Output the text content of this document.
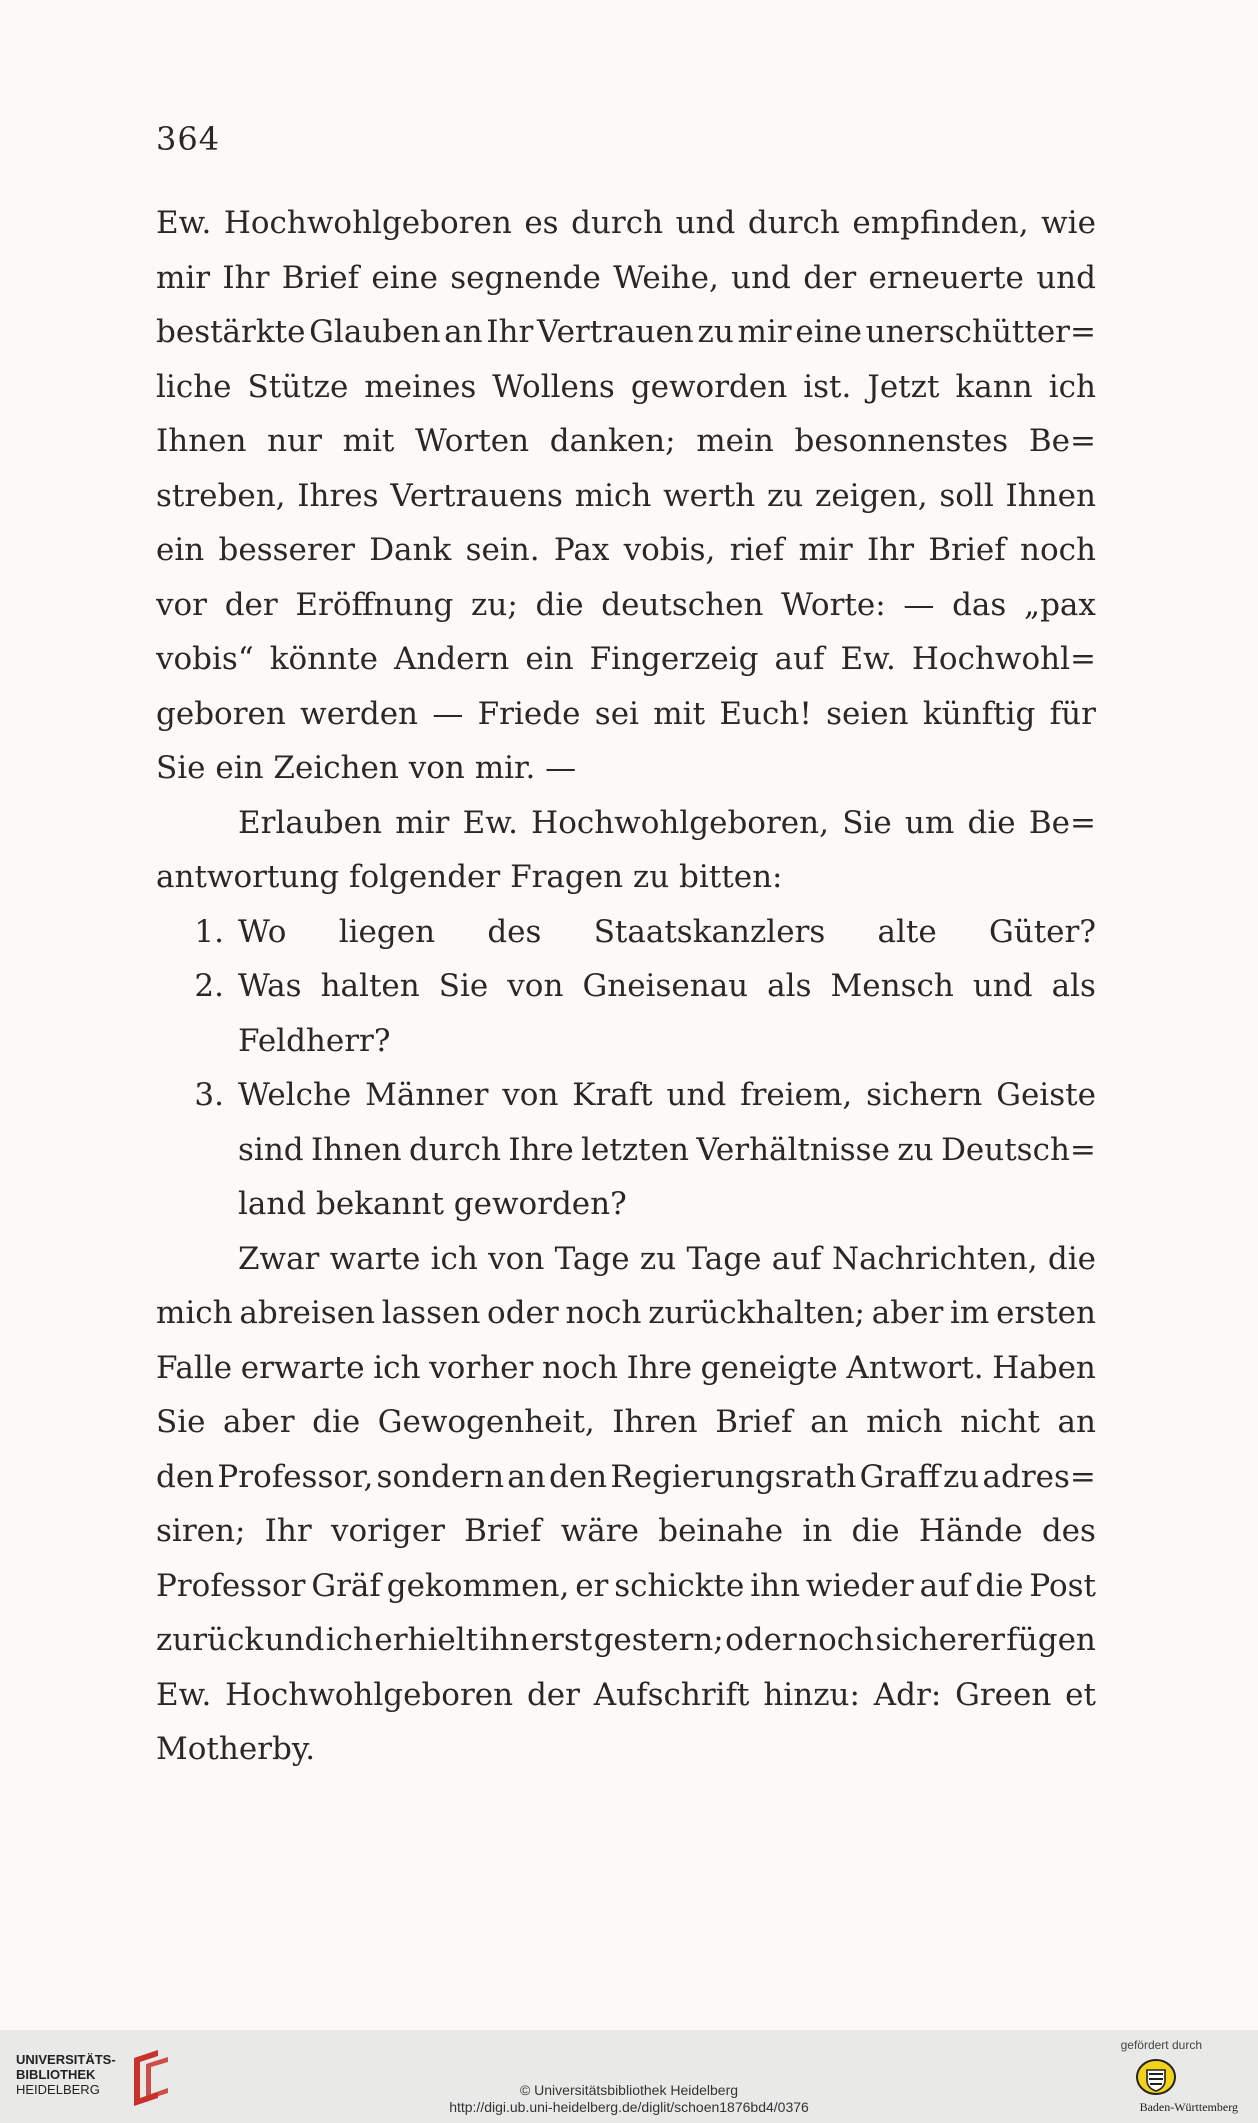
364
Ew. Hochwohlgeboren es durch und durch empfinden, wie
mir Ihr Brief eine segnende Weihe, und der erneuerte und
bestärkte Glauben an Ihr Vertrauen zu mir eine unerschütter=
liche Stütze meines Wollens geworden ist. Jetzt kann ich
Ihnen nur mit Worten danken; mein besonnenstes Be=
streben, Ihres Vertrauens mich werth zu zeigen, soll Ihnen
ein besserer Dank sein. Pax vobis, rief mir Ihr Brief noch
vor der Eröffnung zu; die deutschen Worte: — das „pax
vobis“ könnte Andern ein Fingerzeig auf Ew. Hochwohl=
geboren werden — Friede sei mit Euch! seien künftig für
Sie ein Zeichen von mir. —
Erlauben mir Ew. Hochwohlgeboren, Sie um die Be=
antwortung folgender Fragen zu bitten:
1. Wo liegen des Staatskanzlers alte Güter?
2. Was halten Sie von Gneisenau als Mensch und als
Feldherr?
3. Welche Männer von Kraft und freiem, sichern Geiste
sind Ihnen durch Ihre letzten Verhältnisse zu Deutsch=
land bekannt geworden?
Zwar warte ich von Tage zu Tage auf Nachrichten, die
mich abreisen lassen oder noch zurückhalten; aber im ersten
Falle erwarte ich vorher noch Ihre geneigte Antwort. Haben
Sie aber die Gewogenheit, Ihren Brief an mich nicht an
den Professor, sondern an den Regierungsrath Graff zu adres=
siren; Ihr voriger Brief wäre beinahe in die Hände des
Professor Gräf gekommen, er schickte ihn wieder auf die Post
zurück und ich erhielt ihn erst gestern; oder noch sicherer fügen
Ew. Hochwohlgeboren der Aufschrift hinzu: Adr: Green et
Motherby.
UNIVERSITÄTS-
BIBLIOTHEK
HEIDELBERG	© Universitätsbibliothek Heidelberg
http://digi.ub.uni-heidelberg.de/diglit/schoen1876bd4/0376
gefördert durch
Baden-Württemberg
